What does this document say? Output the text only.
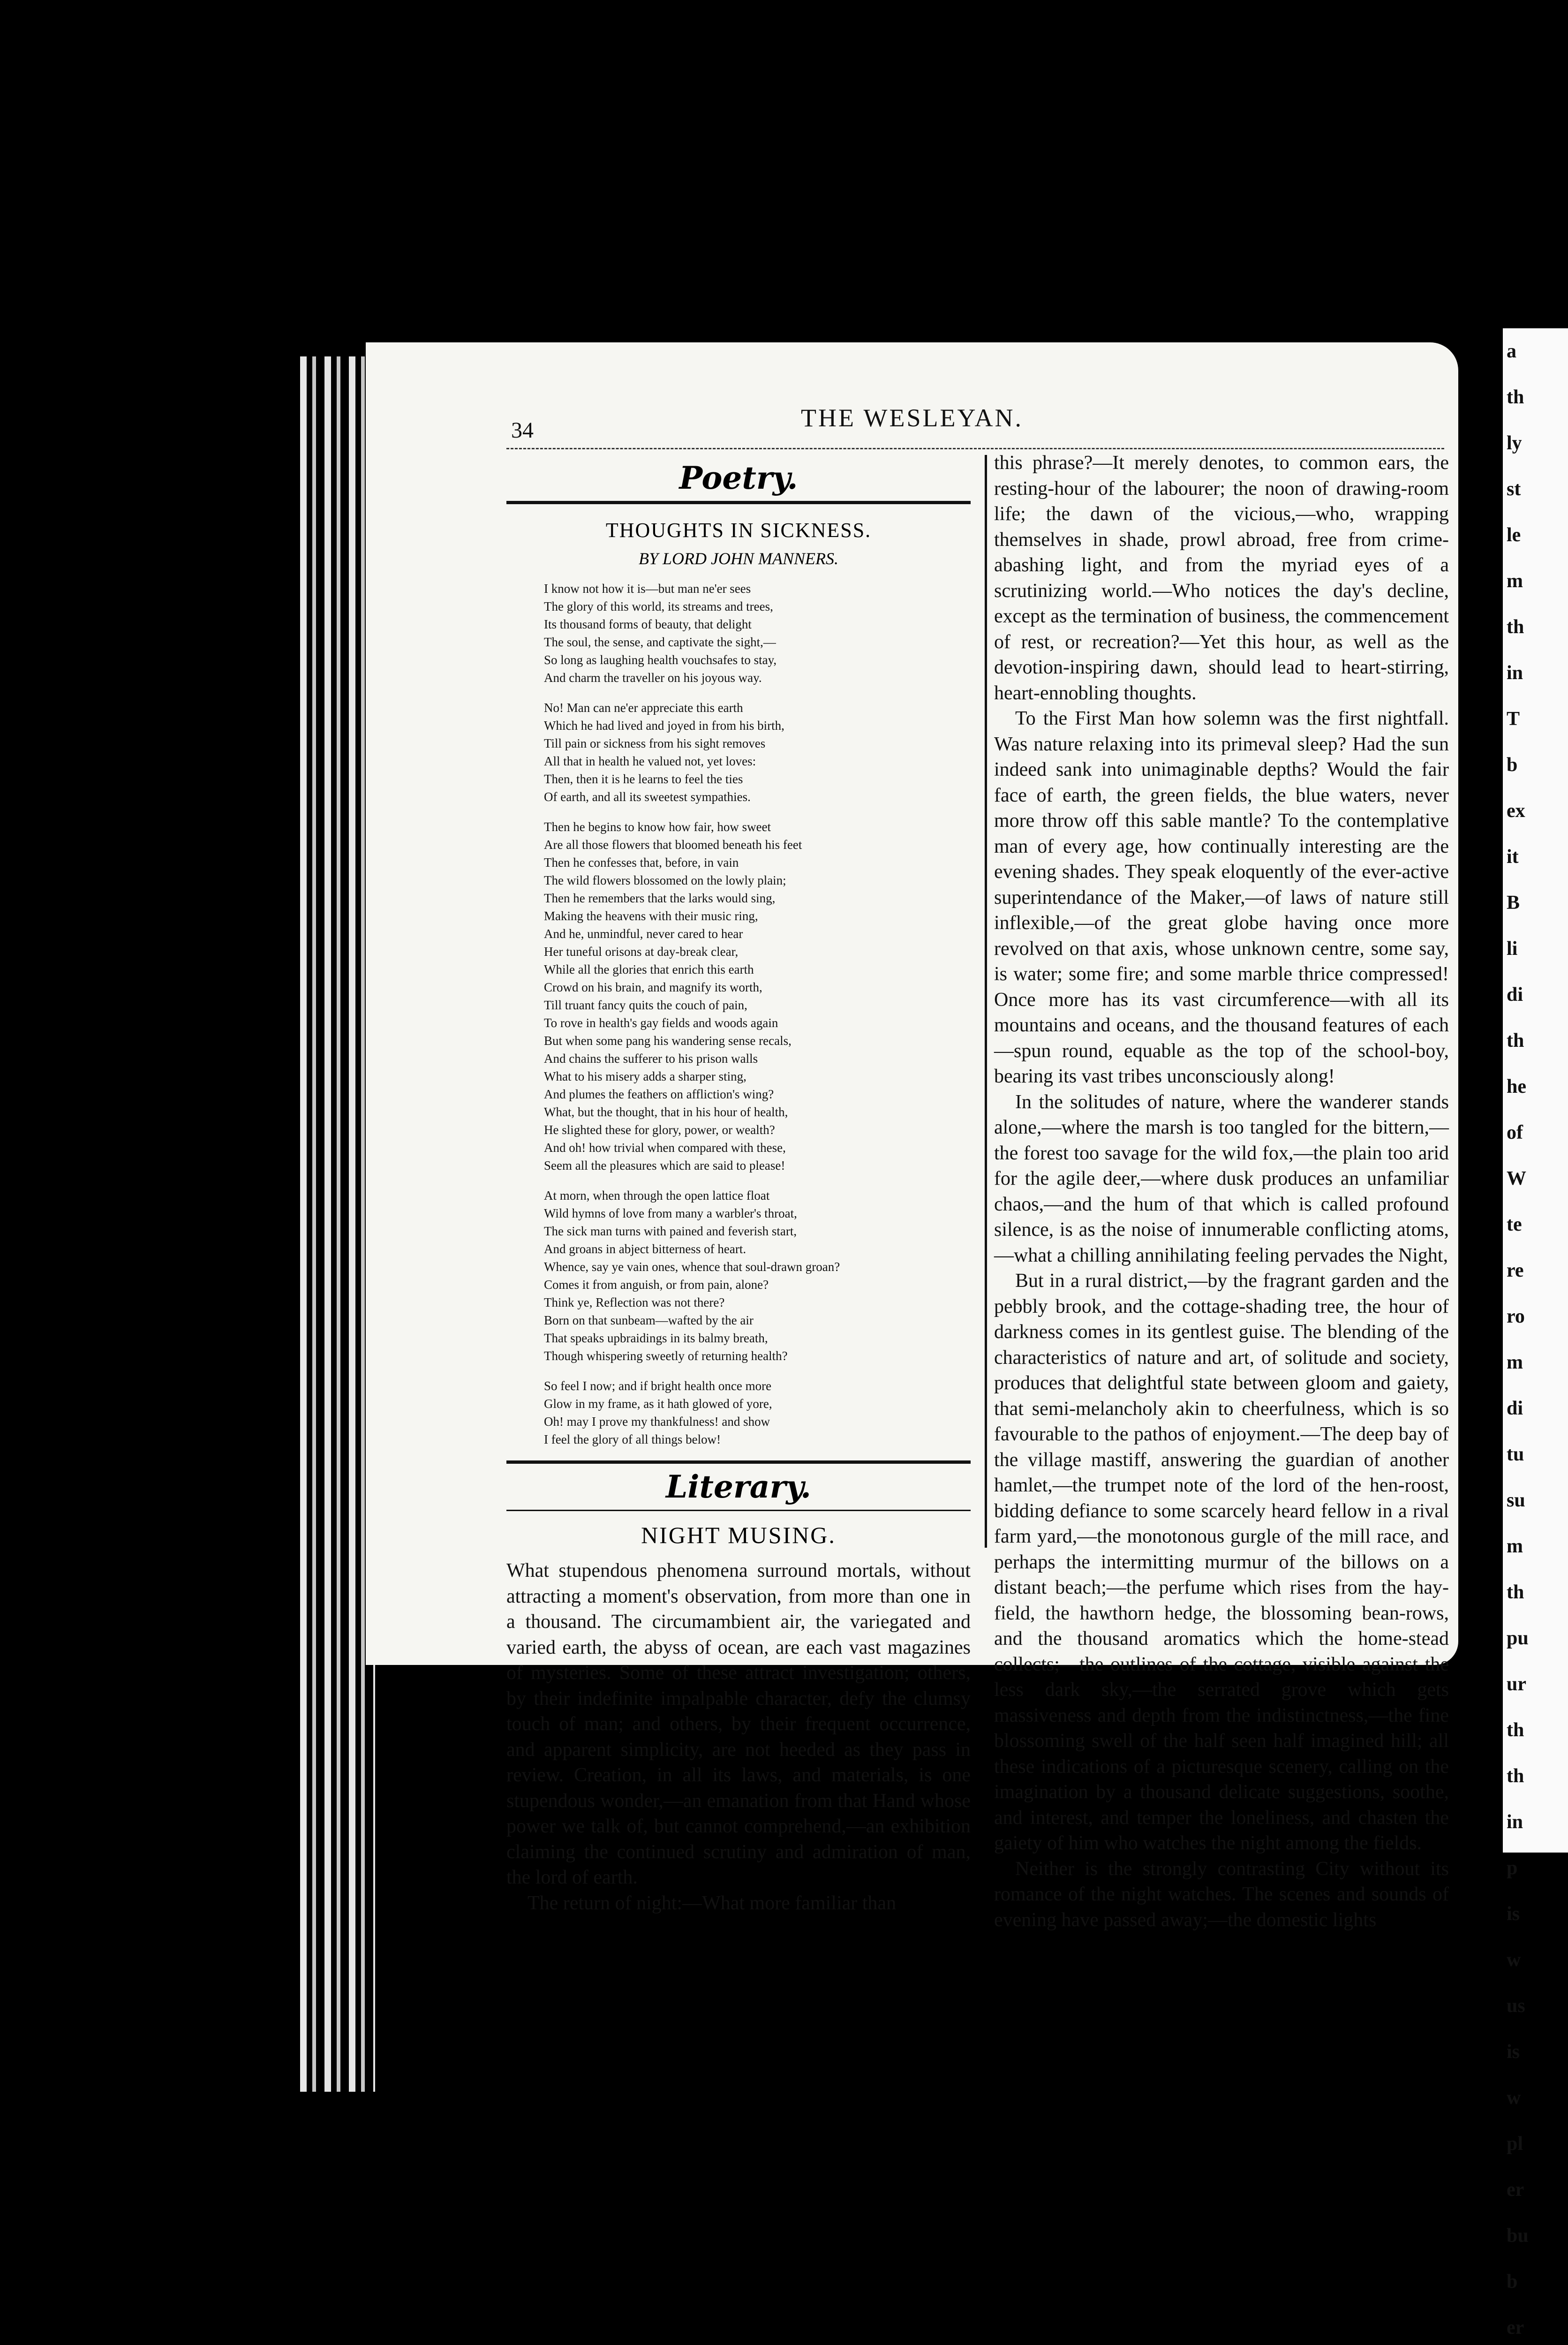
a
th
ly
st
le
m
th
in
T
b
ex
it
B
li
di
th
he
of
W
te
re
ro
m
di
tu
su
m
th
pu
ur
th
th
in
p
is
w
us
is
w
pl
er
bu
b
er
34	THE WESLEYAN.
Poetry.
THOUGHTS IN SICKNESS.
BY LORD JOHN MANNERS.

I know not how it is—but man ne'er sees

The glory of this world, its streams and trees,

Its thousand forms of beauty, that delight

The soul, the sense, and captivate the sight,—

So long as laughing health vouchsafes to stay,

And charm the traveller on his joyous way.

No! Man can ne'er appreciate this earth

Which he had lived and joyed in from his birth,

Till pain or sickness from his sight removes

All that in health he valued not, yet loves:

Then, then it is he learns to feel the ties

Of earth, and all its sweetest sympathies.

Then he begins to know how fair, how sweet

Are all those flowers that bloomed beneath his feet

Then he confesses that, before, in vain

The wild flowers blossomed on the lowly plain;

Then he remembers that the larks would sing,

Making the heavens with their music ring,

And he, unmindful, never cared to hear

Her tuneful orisons at day-break clear,

While all the glories that enrich this earth

Crowd on his brain, and magnify its worth,

Till truant fancy quits the couch of pain,

To rove in health's gay fields and woods again

But when some pang his wandering sense recals,

And chains the sufferer to his prison walls

What to his misery adds a sharper sting,

And plumes the feathers on affliction's wing?

What, but the thought, that in his hour of health,

He slighted these for glory, power, or wealth?

And oh! how trivial when compared with these,

Seem all the pleasures which are said to please!

At morn, when through the open lattice float

Wild hymns of love from many a warbler's throat,

The sick man turns with pained and feverish start,

And groans in abject bitterness of heart.

Whence, say ye vain ones, whence that soul-drawn groan?

Comes it from anguish, or from pain, alone?

Think ye, Reflection was not there?

Born on that sunbeam—wafted by the air

That speaks upbraidings in its balmy breath,

Though whispering sweetly of returning health?

So feel I now; and if bright health once more

Glow in my frame, as it hath glowed of yore,

Oh! may I prove my thankfulness! and show

I feel the glory of all things below!

Literary.
NIGHT MUSING.

What stupendous phenomena surround mortals, without attracting a moment's observation, from more than one in a thousand. The circumambient air, the variegated and varied earth, the abyss of ocean, are each vast magazines of mysteries. Some of these attract investigation; others, by their indefinite impalpable character, defy the clumsy touch of man; and others, by their frequent occurrence, and apparent simplicity, are not heeded as they pass in review. Creation, in all its laws, and materials, is one stupendous wonder,—an emanation from that Hand whose power we talk of, but cannot comprehend,—an exhibition claiming the continued scrutiny and admiration of man, the lord of earth.

The return of night:—What more familiar than

this phrase?—It merely denotes, to common ears, the resting-hour of the labourer; the noon of drawing-room life; the dawn of the vicious,—who, wrapping themselves in shade, prowl abroad, free from crime-abashing light, and from the myriad eyes of a scrutinizing world.—Who notices the day's decline, except as the termination of business, the commencement of rest, or recreation?—Yet this hour, as well as the devotion-inspiring dawn, should lead to heart-stirring, heart-ennobling thoughts.

To the First Man how solemn was the first nightfall. Was nature relaxing into its primeval sleep? Had the sun indeed sank into unimaginable depths? Would the fair face of earth, the green fields, the blue waters, never more throw off this sable mantle? To the contemplative man of every age, how continually interesting are the evening shades. They speak eloquently of the ever-active superintendance of the Maker,—of laws of nature still inflexible,—of the great globe having once more revolved on that axis, whose unknown centre, some say, is water; some fire; and some marble thrice compressed! Once more has its vast circumference—with all its mountains and oceans, and the thousand features of each—spun round, equable as the top of the school-boy, bearing its vast tribes unconsciously along!

In the solitudes of nature, where the wanderer stands alone,—where the marsh is too tangled for the bittern,—the forest too savage for the wild fox,—the plain too arid for the agile deer,—where dusk produces an unfamiliar chaos,—and the hum of that which is called profound silence, is as the noise of innumerable conflicting atoms,—what a chilling annihilating feeling pervades the Night,

But in a rural district,—by the fragrant garden and the pebbly brook, and the cottage-shading tree, the hour of darkness comes in its gentlest guise. The blending of the characteristics of nature and art, of solitude and society, produces that delightful state between gloom and gaiety, that semi-melancholy akin to cheerfulness, which is so favourable to the pathos of enjoyment.—The deep bay of the village mastiff, answering the guardian of another hamlet,—the trumpet note of the lord of the hen-roost, bidding defiance to some scarcely heard fellow in a rival farm yard,—the monotonous gurgle of the mill race, and perhaps the intermitting murmur of the billows on a distant beach;—the perfume which rises from the hay-field, the hawthorn hedge, the blossoming bean-rows, and the thousand aromatics which the home-stead collects;—the outlines of the cottage, visible against the less dark sky,—the serrated grove which gets massiveness and depth from the indistinctness,—the fine blossoming swell of the half seen half imagined hill; all these indications of a picturesque scenery, calling on the imagination by a thousand delicate suggestions, soothe, and interest, and temper the loneliness, and chasten the gaiety of him who watches the night among the fields.

Neither is the strongly contrasting City without its romance of the night watches. The scenes and sounds of evening have passed away;—the domestic lights
